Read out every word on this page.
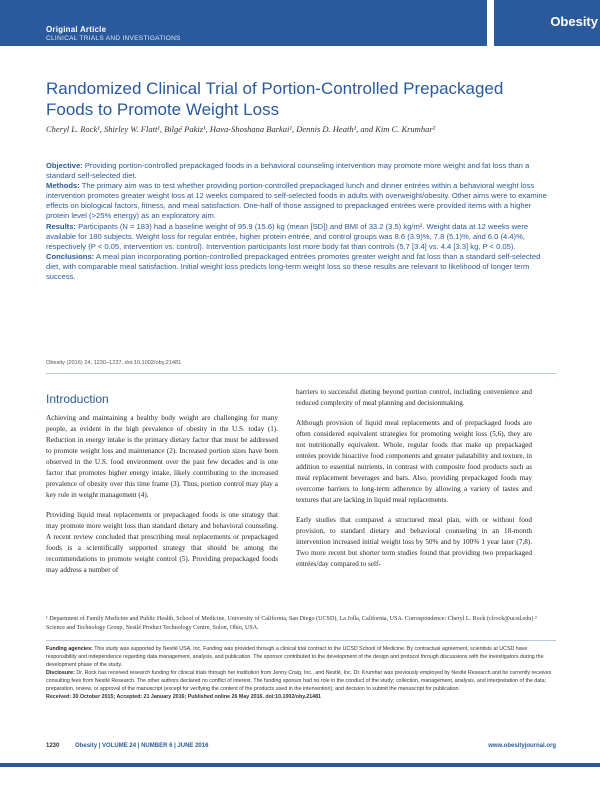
Original Article
CLINICAL TRIALS AND INVESTIGATIONS
Obesity
Randomized Clinical Trial of Portion-Controlled Prepackaged
Foods to Promote Weight Loss
Cheryl L. Rock¹, Shirley W. Flatt¹, Bilgé Pakiz¹, Hava-Shoshana Barkai¹, Dennis D. Heath¹, and Kim C. Krumhar²

Objective: Providing portion-controlled prepackaged foods in a behavioral counseling intervention may promote more weight and fat loss than a standard self-selected diet.

Methods: The primary aim was to test whether providing portion-controlled prepackaged lunch and dinner entrées within a behavioral weight loss intervention promotes greater weight loss at 12 weeks compared to self-selected foods in adults with overweight/obesity. Other aims were to examine effects on biological factors, fitness, and meal satisfaction. One-half of those assigned to prepackaged entrées were provided items with a higher protein level (>25% energy) as an exploratory aim.

Results: Participants (N = 183) had a baseline weight of 95.9 (15.6) kg (mean [SD]) and BMI of 33.2 (3.5) kg/m². Weight data at 12 weeks were available for 180 subjects. Weight loss for regular entrée, higher protein entrée, and control groups was 8.6 (3.9)%, 7.8 (5.1)%, and 6.0 (4.4)%, respectively (P < 0.05, intervention vs. control). Intervention participants lost more body fat than controls (5.7 [3.4] vs. 4.4 [3.3] kg, P < 0.05).

Conclusions: A meal plan incorporating portion-controlled prepackaged entrées promotes greater weight and fat loss than a standard self-selected diet, with comparable meal satisfaction. Initial weight loss predicts long-term weight loss so these results are relevant to likelihood of longer term success.

Obesity (2016) 24, 1230–1237. doi:10.1002/oby.21481
Introduction

Achieving and maintaining a healthy body weight are challenging for many people, as evident in the high prevalence of obesity in the U.S. today (1). Reduction in energy intake is the primary dietary factor that must be addressed to promote weight loss and maintenance (2). Increased portion sizes have been observed in the U.S. food environment over the past few decades and is one factor that promotes higher energy intake, likely contributing to the increased prevalence of obesity over this time frame (3). Thus, portion control may play a key role in weight management (4).

Providing liquid meal replacements or prepackaged foods is one strategy that may promote more weight loss than standard dietary and behavioral counseling. A recent review concluded that prescribing meal replacements or prepackaged foods is a scientifically supported strategy that should be among the recommendations to promote weight control (5). Providing prepackaged foods may address a number of

barriers to successful dieting beyond portion control, including convenience and reduced complexity of meal planning and decisionmaking.

Although provision of liquid meal replacements and of prepackaged foods are often considered equivalent strategies for promoting weight loss (5,6), they are not nutritionally equivalent. Whole, regular foods that make up prepackaged entrées provide bioactive food components and greater palatability and texture, in addition to essential nutrients, in contrast with composite food products such as meal replacement beverages and bars. Also, providing prepackaged foods may overcome barriers to long-term adherence by allowing a variety of tastes and textures that are lacking in liquid meal replacements.

Early studies that compared a structured meal plan, with or without food provision, to standard dietary and behavioral counseling in an 18-month intervention increased initial weight loss by 50% and by 100% 1 year later (7,8). Two more recent but shorter term studies found that providing two prepackaged entrées/day compared to self-

¹ Department of Family Medicine and Public Health, School of Medicine, University of California, San Diego (UCSD), La Jolla, California, USA. Correspondence: Cheryl L. Rock (clrock@ucsd.edu) ² Science and Technology Group, Nestlé Product Technology Centre, Solon, Ohio, USA.

Funding agencies: This study was supported by Nestlé USA, Inc. Funding was provided through a clinical trial contract to the UCSD School of Medicine. By contractual agreement, scientists at UCSD have responsibility and independence regarding data management, analysis, and publication. The sponsor contributed to the development of the design and protocol through discussions with the investigators during the development phase of the study.

Disclosure: Dr. Rock has received research funding for clinical trials through her institution from Jenny Craig, Inc., and Nestlé, Inc. Dr. Krumhar was previously employed by Nestlé Research and he currently receives consulting fees from Nestlé Research. The other authors declared no conflict of interest. The funding sponsor had no role in the conduct of the study; collection, management, analysis, and interpretation of the data; preparation, review, or approval of the manuscript (except for verifying the content of the products used in the intervention); and decision to submit the manuscript for publication.

Received: 30 October 2015; Accepted: 21 January 2016; Published online 26 May 2016. doi:10.1002/oby.21481

1230	Obesity | VOLUME 24 | NUMBER 6 | JUNE 2016	www.obesityjournal.org
